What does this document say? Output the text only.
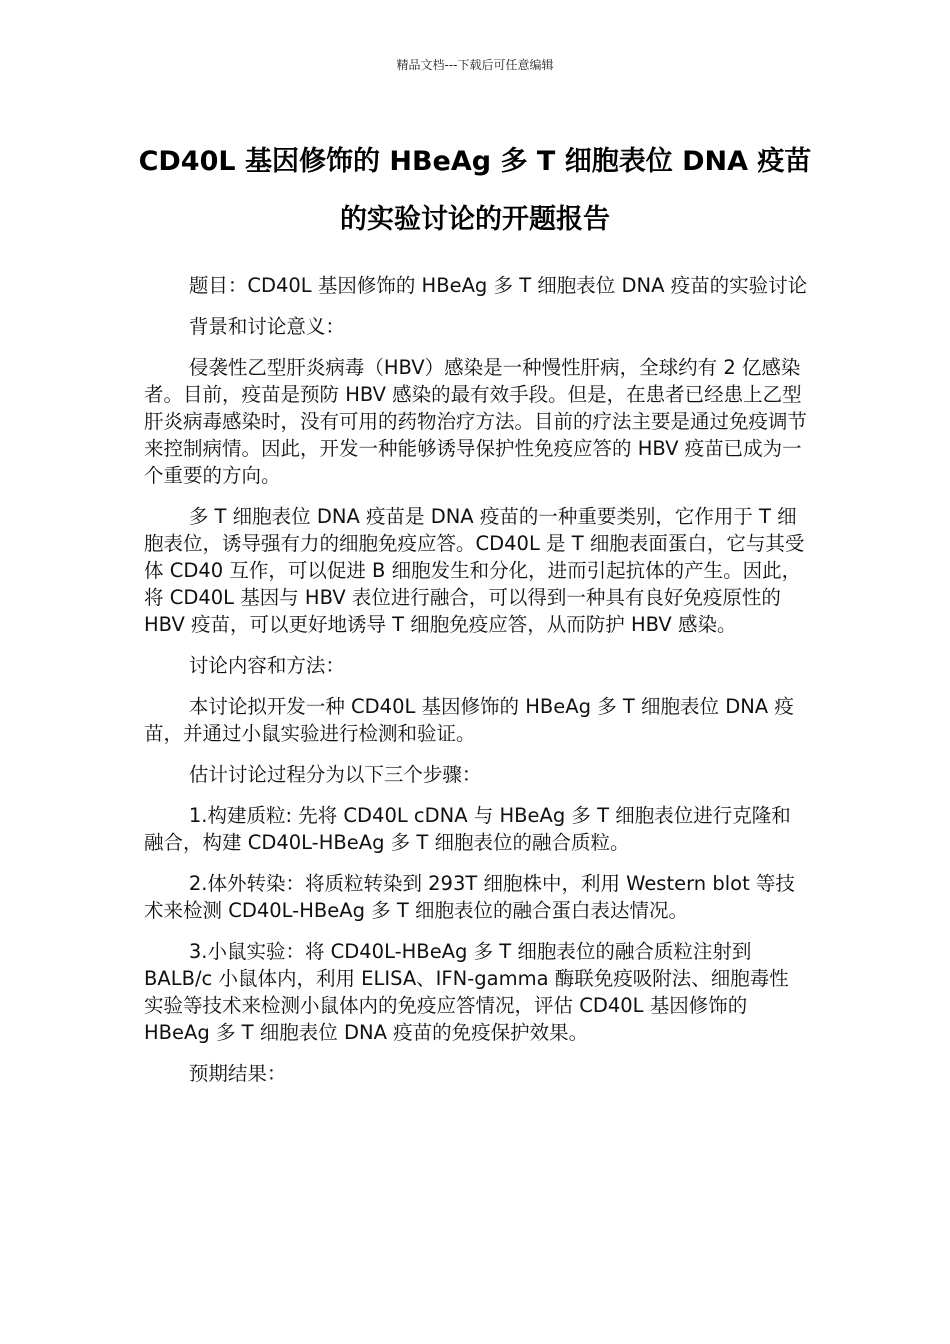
精品文档---下载后可任意编辑
CD40L 基因修饰的 HBeAg 多 T 细胞表位 DNA 疫苗
的实验讨论的开题报告

题目：CD40L 基因修饰的 HBeAg 多 T 细胞表位 DNA 疫苗的实验讨论

背景和讨论意义：

侵袭性乙型肝炎病毒（HBV）感染是一种慢性肝病，全球约有 2 亿感染者。目前，疫苗是预防 HBV 感染的最有效手段。但是，在患者已经患上乙型肝炎病毒感染时，没有可用的药物治疗方法。目前的疗法主要是通过免疫调节来控制病情。因此，开发一种能够诱导保护性免疫应答的 HBV 疫苗已成为一个重要的方向。

多 T 细胞表位 DNA 疫苗是 DNA 疫苗的一种重要类别，它作用于 T 细胞表位，诱导强有力的细胞免疫应答。CD40L 是 T 细胞表面蛋白，它与其受体 CD40 互作，可以促进 B 细胞发生和分化，进而引起抗体的产生。因此，将 CD40L 基因与 HBV 表位进行融合，可以得到一种具有良好免疫原性的 HBV 疫苗，可以更好地诱导 T 细胞免疫应答，从而防护 HBV 感染。

讨论内容和方法：

本讨论拟开发一种 CD40L 基因修饰的 HBeAg 多 T 细胞表位 DNA 疫苗，并通过小鼠实验进行检测和验证。

估计讨论过程分为以下三个步骤：

1.构建质粒: 先将 CD40L cDNA 与 HBeAg 多 T 细胞表位进行克隆和融合，构建 CD40L-HBeAg 多 T 细胞表位的融合质粒。

2.体外转染：将质粒转染到 293T 细胞株中，利用 Western blot 等技术来检测 CD40L-HBeAg 多 T 细胞表位的融合蛋白表达情况。

3.小鼠实验：将 CD40L-HBeAg 多 T 细胞表位的融合质粒注射到 BALB/c 小鼠体内，利用 ELISA、IFN-gamma 酶联免疫吸附法、细胞毒性实验等技术来检测小鼠体内的免疫应答情况，评估 CD40L 基因修饰的 HBeAg 多 T 细胞表位 DNA 疫苗的免疫保护效果。

预期结果：
